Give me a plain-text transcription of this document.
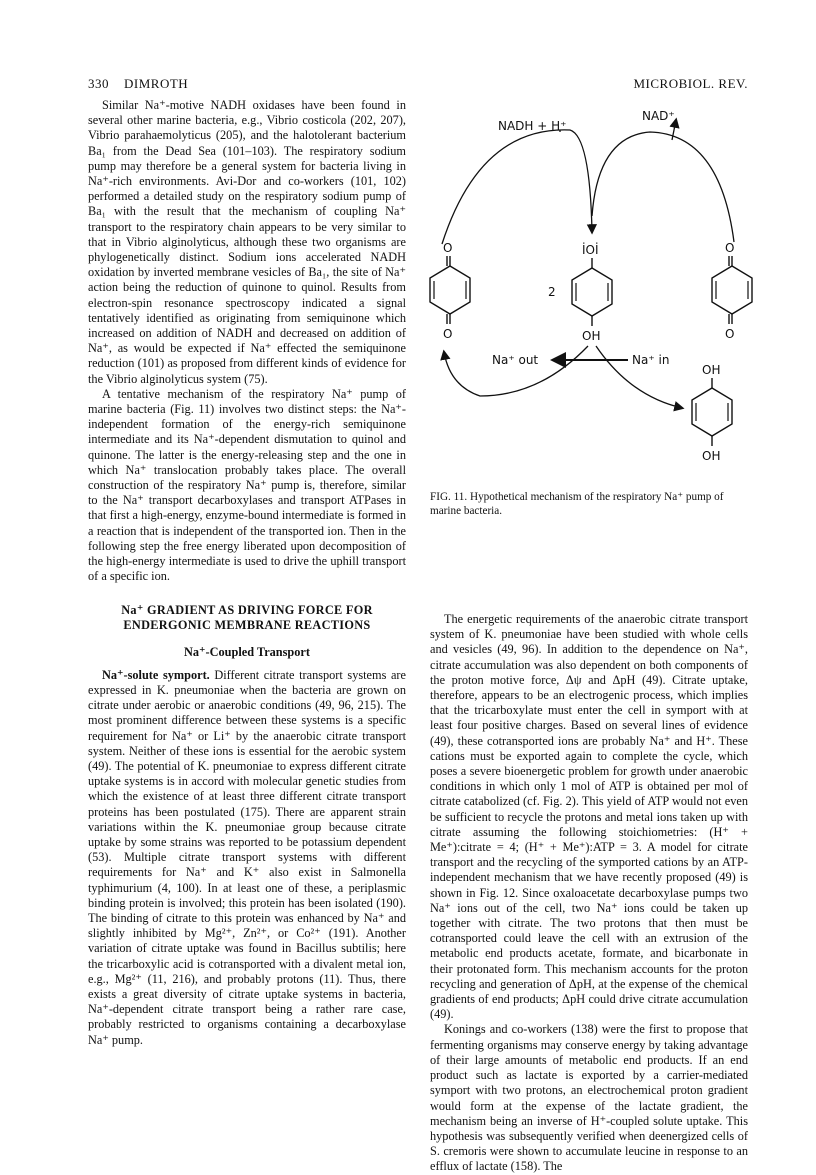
330 DIMROTH	MICROBIOL. REV.

Similar Na⁺-motive NADH oxidases have been found in several other marine bacteria, e.g., Vibrio costicola (202, 207), Vibrio parahaemolyticus (205), and the halotolerant bacterium Ba₁ from the Dead Sea (101–103). The respiratory sodium pump may therefore be a general system for bacteria living in Na⁺-rich environments. Avi-Dor and co-workers (101, 102) performed a detailed study on the respiratory sodium pump of Ba₁ with the result that the mechanism of coupling Na⁺ transport to the respiratory chain appears to be very similar to that in Vibrio alginolyticus, although these two organisms are phylogenetically distinct. Sodium ions accelerated NADH oxidation by inverted membrane vesicles of Ba₁, the site of Na⁺ action being the reduction of quinone to quinol. Results from electron-spin resonance spectroscopy indicated a signal tentatively identified as originating from semiquinone which increased on addition of NADH and decreased on addition of Na⁺, as would be expected if Na⁺ effected the semiquinone reduction (101) as proposed from different kinds of evidence for the Vibrio alginolyticus system (75).

A tentative mechanism of the respiratory Na⁺ pump of marine bacteria (Fig. 11) involves two distinct steps: the Na⁺-independent formation of the energy-rich semiquinone intermediate and its Na⁺-dependent dismutation to quinol and quinone. The latter is the energy-releasing step and the one in which Na⁺ translocation probably takes place. The overall construction of the respiratory Na⁺ pump is, therefore, similar to the Na⁺ transport decarboxylases and transport ATPases in that first a high-energy, enzyme-bound intermediate is formed in a reaction that is independent of the transported ion. Then in the following step the free energy liberated upon decomposition of the high-energy intermediate is used to drive the uphill transport of a specific ion.

Na⁺ GRADIENT AS DRIVING FORCE FOR
ENDERGONIC MEMBRANE REACTIONS
Na⁺-Coupled Transport

Na⁺-solute symport. Different citrate transport systems are expressed in K. pneumoniae when the bacteria are grown on citrate under aerobic or anaerobic conditions (49, 96, 215). The most prominent difference between these systems is a specific requirement for Na⁺ or Li⁺ by the anaerobic citrate transport system. Neither of these ions is essential for the aerobic system (49). The potential of K. pneumoniae to express different citrate uptake systems is in accord with molecular genetic studies from which the existence of at least three different citrate transport proteins has been postulated (175). There are apparent strain variations within the K. pneumoniae group because citrate uptake by some strains was reported to be potassium dependent (53). Multiple citrate transport systems with different requirements for Na⁺ and K⁺ also exist in Salmonella typhimurium (4, 100). In at least one of these, a periplasmic binding protein is involved; this protein has been isolated (190). The binding of citrate to this protein was enhanced by Na⁺ and slightly inhibited by Mg²⁺, Zn²⁺, or Co²⁺ (191). Another variation of citrate uptake was found in Bacillus subtilis; here the tricarboxylic acid is cotransported with a divalent metal ion, e.g., Mg²⁺ (11, 216), and probably protons (11). Thus, there exists a great diversity of citrate uptake systems in bacteria, Na⁺-dependent citrate transport being a rather rare case, probably restricted to organisms containing a decarboxylase Na⁺ pump.

NADH + H⁺
NAD⁺
O
O
İOİ
2
OH
O
O
Na⁺ out	Na⁺ in
OH
OH
FIG. 11. Hypothetical mechanism of the respiratory Na⁺ pump of marine bacteria.

The energetic requirements of the anaerobic citrate transport system of K. pneumoniae have been studied with whole cells and vesicles (49, 96). In addition to the dependence on Na⁺, citrate accumulation was also dependent on both components of the proton motive force, Δψ and ΔpH (49). Citrate uptake, therefore, appears to be an electrogenic process, which implies that the tricarboxylate must enter the cell in symport with at least four positive charges. Based on several lines of evidence (49), these cotransported ions are probably Na⁺ and H⁺. These cations must be exported again to complete the cycle, which poses a severe bioenergetic problem for growth under anaerobic conditions in which only 1 mol of ATP is obtained per mol of citrate catabolized (cf. Fig. 2). This yield of ATP would not even be sufficient to recycle the protons and metal ions taken up with citrate assuming the following stoichiometries: (H⁺ + Me⁺):citrate = 4; (H⁺ + Me⁺):ATP = 3. A model for citrate transport and the recycling of the symported cations by an ATP-independent mechanism that we have recently proposed (49) is shown in Fig. 12. Since oxaloacetate decarboxylase pumps two Na⁺ ions out of the cell, two Na⁺ ions could be taken up together with citrate. The two protons that then must be cotransported could leave the cell with an extrusion of the metabolic end products acetate, formate, and bicarbonate in their protonated form. This mechanism accounts for the proton recycling and generation of ΔpH, at the expense of the chemical gradients of end products; ΔpH could drive citrate accumulation (49).

Konings and co-workers (138) were the first to propose that fermenting organisms may conserve energy by taking advantage of their large amounts of metabolic end products. If an end product such as lactate is exported by a carrier-mediated symport with two protons, an electrochemical proton gradient would form at the expense of the lactate gradient, the mechanism being an inverse of H⁺-coupled solute uptake. This hypothesis was subsequently verified when deenergized cells of S. cremoris were shown to accumulate leucine in response to an efflux of lactate (158). The
